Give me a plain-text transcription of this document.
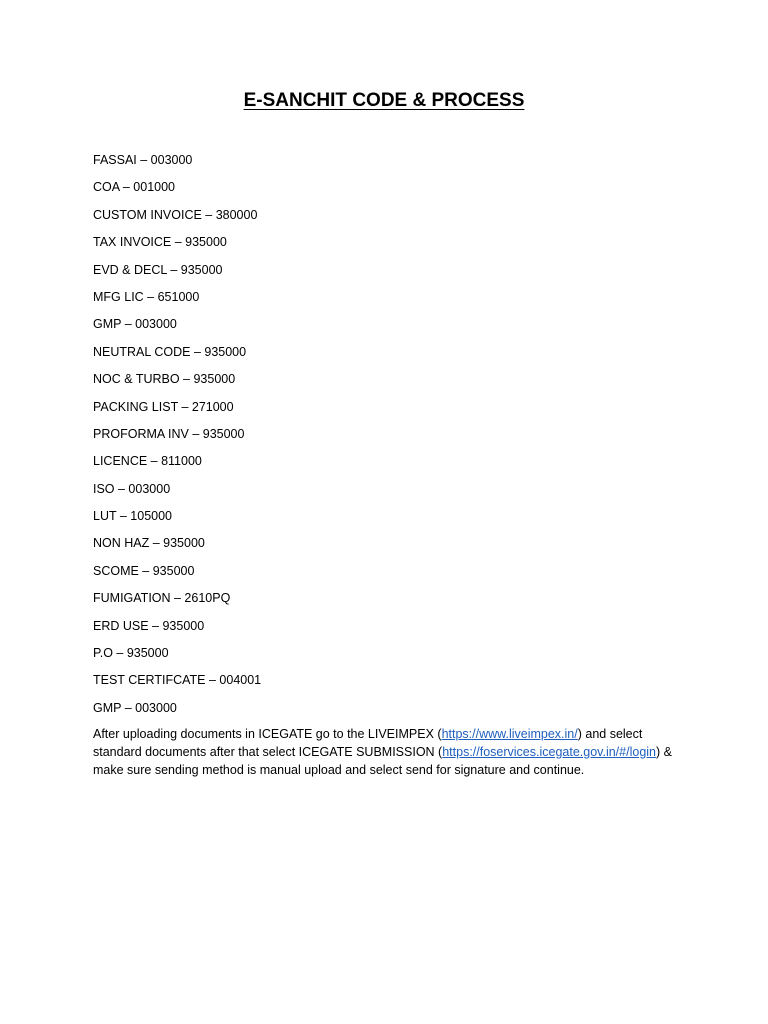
E-SANCHIT CODE & PROCESS
FASSAI – 003000
COA – 001000
CUSTOM INVOICE – 380000
TAX INVOICE – 935000
EVD & DECL – 935000
MFG LIC – 651000
GMP – 003000
NEUTRAL CODE – 935000
NOC & TURBO – 935000
PACKING LIST – 271000
PROFORMA INV – 935000
LICENCE – 811000
ISO – 003000
LUT – 105000
NON HAZ – 935000
SCOME – 935000
FUMIGATION – 2610PQ
ERD USE – 935000
P.O – 935000
TEST CERTIFCATE – 004001
GMP – 003000

After uploading documents in ICEGATE go to the LIVEIMPEX (https://www.liveimpex.in/) and select standard documents after that select ICEGATE SUBMISSION (https://foservices.icegate.gov.in/#/login) & make sure sending method is manual upload and select send for signature and continue.
